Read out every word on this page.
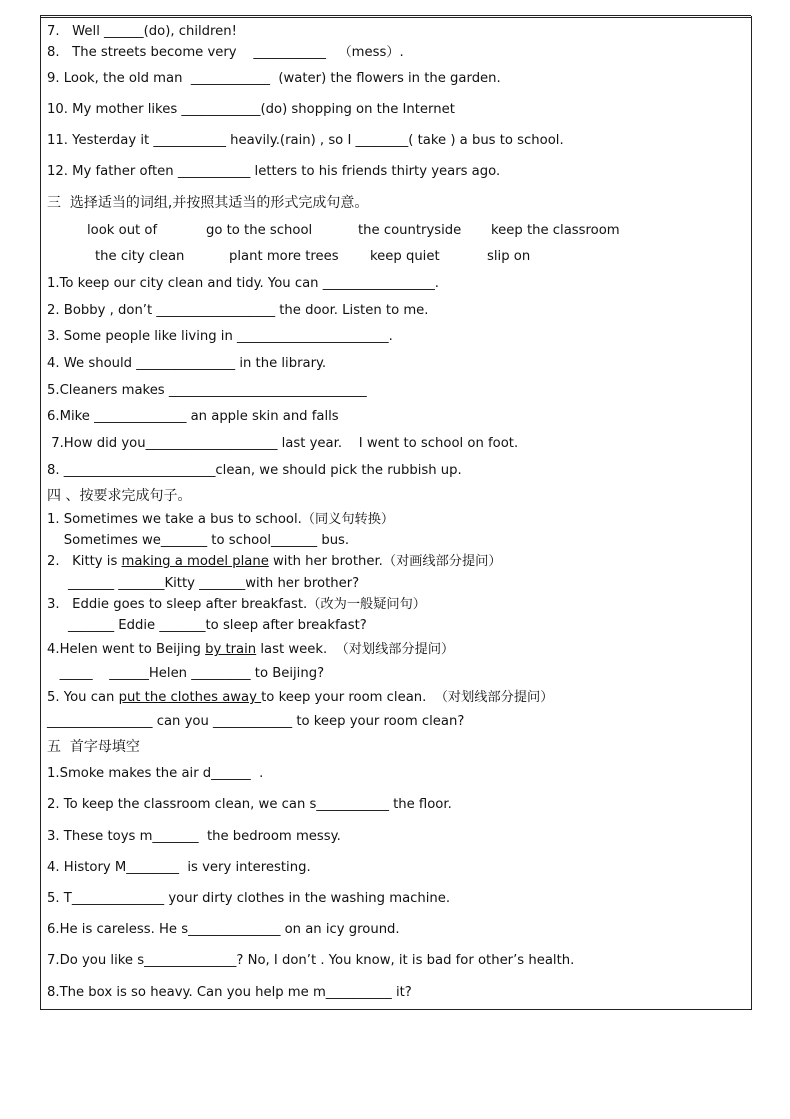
7.   Well ______(do), children!
8.   The streets become very    ___________   （mess）.
9. Look, the old man  ____________  (water) the flowers in the garden.
10. My mother likes ____________(do) shopping on the Internet
11. Yesterday it ___________ heavily.(rain) , so I ________( take ) a bus to school.
12. My father often ___________ letters to his friends thirty years ago.
三  选择适当的词组,并按照其适当的形式完成句意。
look out of	go to the school	the countryside keep the classroom
the city clean	plant more trees keep quiet	slip on
1.To keep our city clean and tidy. You can _________________.
2. Bobby , don’t __________________ the door. Listen to me.
3. Some people like living in _______________________.
4. We should _______________ in the library.
5.Cleaners makes ______________________________
6.Mike ______________ an apple skin and falls
7.How did you____________________ last year.    I went to school on foot.
8. _______________________clean, we should pick the rubbish up.
四 、按要求完成句子。
1. Sometimes we take a bus to school.（同义句转换）
Sometimes we_______ to school_______ bus.
2.   Kitty is making a model plane with her brother.（对画线部分提问）
_______ _______Kitty _______with her brother?
3.   Eddie goes to sleep after breakfast.（改为一般疑问句）
_______ Eddie _______to sleep after breakfast?
4.Helen went to Beijing by train last week.  （对划线部分提问）
_____    ______Helen _________ to Beijing?
5. You can put the clothes away to keep your room clean.  （对划线部分提问）
________________ can you ____________ to keep your room clean?
五  首字母填空
1.Smoke makes the air d______  .
2. To keep the classroom clean, we can s___________ the floor.
3. These toys m_______  the bedroom messy.
4. History M________  is very interesting.
5. T______________ your dirty clothes in the washing machine.
6.He is careless. He s______________ on an icy ground.
7.Do you like s______________? No, I don’t . You know, it is bad for other’s health.
8.The box is so heavy. Can you help me m__________ it?
